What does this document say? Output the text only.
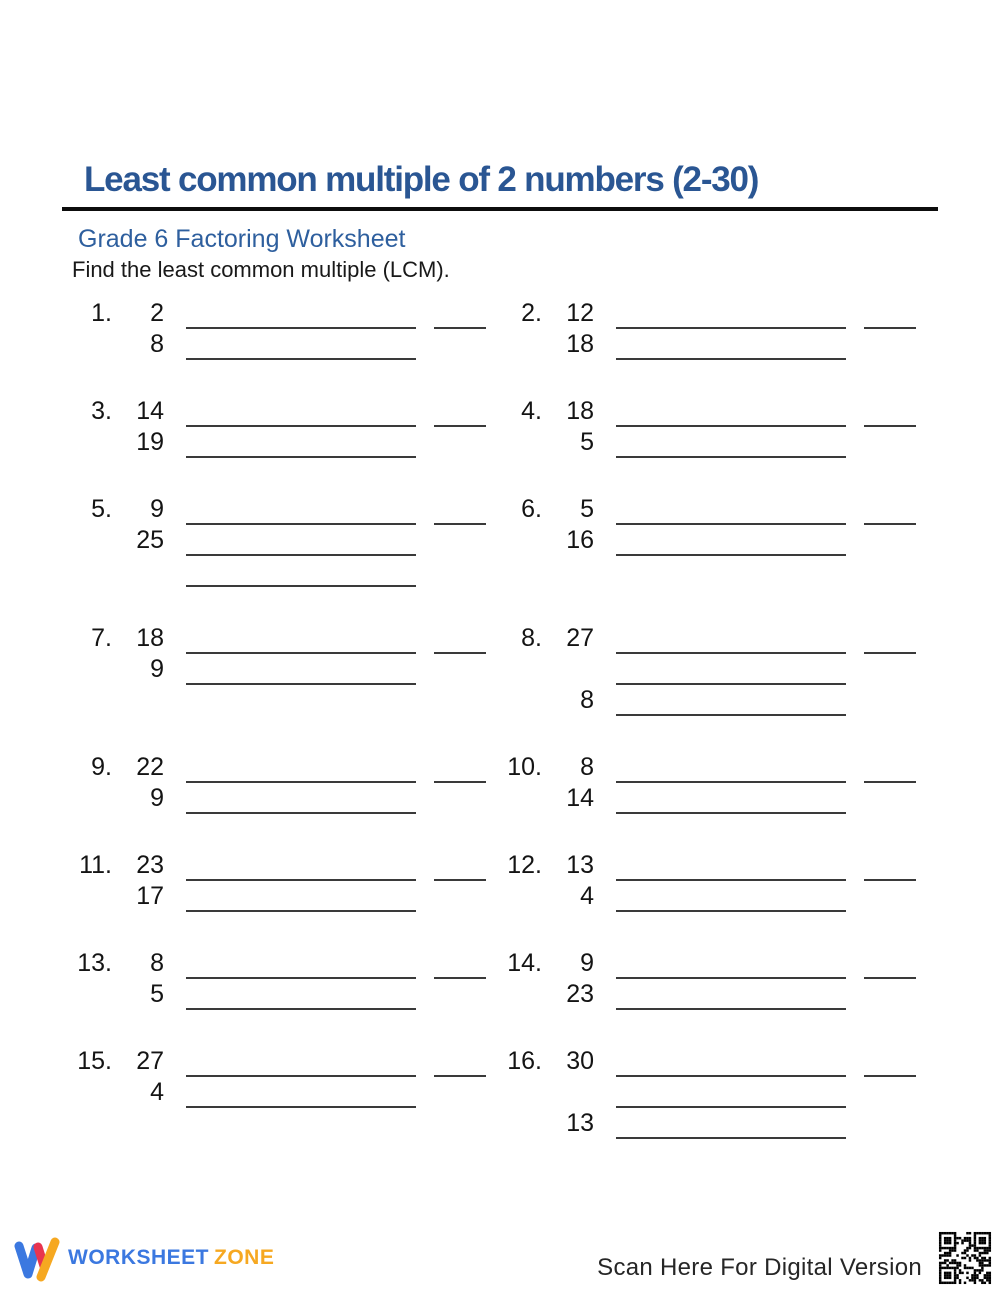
Least common multiple of 2 numbers (2-30)
Grade 6 Factoring Worksheet
Find the least common multiple (LCM).
1.	2
8
2. 12
18
3. 14
19
4. 18
5
5.	9
25
6.	5
16
7. 18
9
8. 27
8
9. 22
9
10.	8
14
11. 23
17
12. 13
4
13.	8
5
14.	9
23
15. 27
4
16. 30
13
WORKSHEET ZONE	Scan Here For Digital Version
